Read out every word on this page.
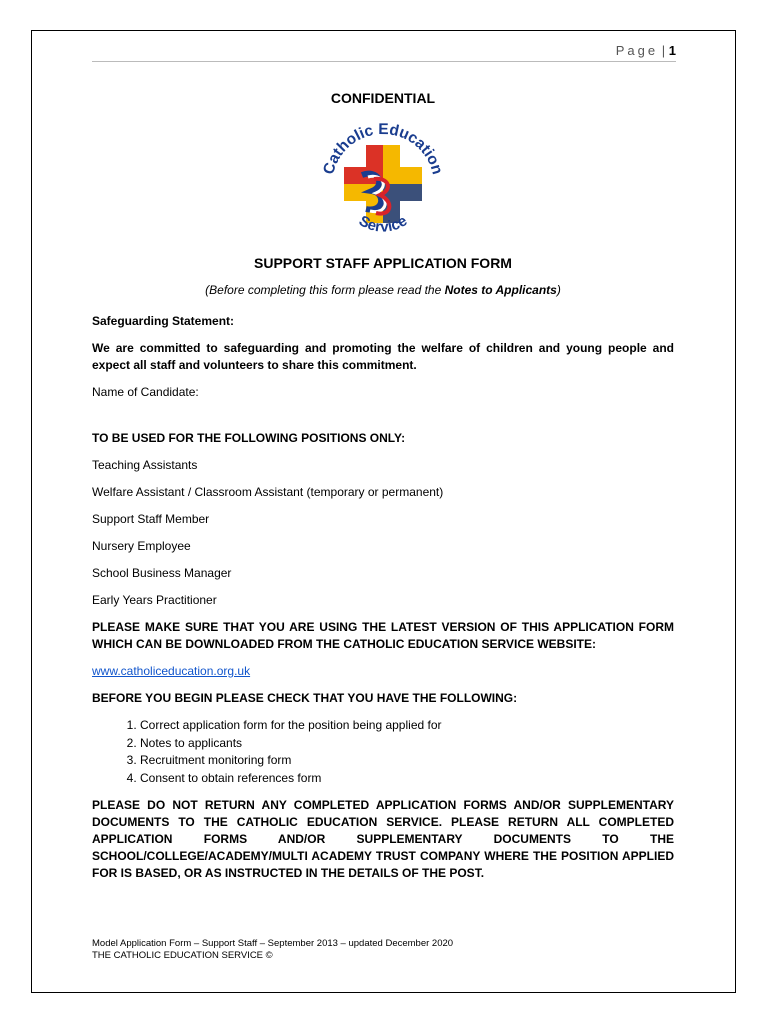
Page | 1

CONFIDENTIAL

Catholic Education
Service

SUPPORT STAFF APPLICATION FORM

(Before completing this form please read the Notes to Applicants)

Safeguarding Statement:

We are committed to safeguarding and promoting the welfare of children and young people and expect all staff and volunteers to share this commitment.

Name of Candidate:

TO BE USED FOR THE FOLLOWING POSITIONS ONLY:

Teaching Assistants

Welfare Assistant / Classroom Assistant (temporary or permanent)

Support Staff Member

Nursery Employee

School Business Manager

Early Years Practitioner

PLEASE MAKE SURE THAT YOU ARE USING THE LATEST VERSION OF THIS APPLICATION FORM WHICH CAN BE DOWNLOADED FROM THE CATHOLIC EDUCATION SERVICE WEBSITE:

www.catholiceducation.org.uk

BEFORE YOU BEGIN PLEASE CHECK THAT YOU HAVE THE FOLLOWING:

1. Correct application form for the position being applied for
2. Notes to applicants
3. Recruitment monitoring form
4. Consent to obtain references form

PLEASE DO NOT RETURN ANY COMPLETED APPLICATION FORMS AND/OR SUPPLEMENTARY DOCUMENTS TO THE CATHOLIC EDUCATION SERVICE. PLEASE RETURN ALL COMPLETED APPLICATION FORMS AND/OR SUPPLEMENTARY DOCUMENTS TO THE SCHOOL/COLLEGE/ACADEMY/MULTI ACADEMY TRUST COMPANY WHERE THE POSITION APPLIED FOR IS BASED, OR AS INSTRUCTED IN THE DETAILS OF THE POST.

Model Application Form – Support Staff – September 2013 – updated December 2020
THE CATHOLIC EDUCATION SERVICE ©
